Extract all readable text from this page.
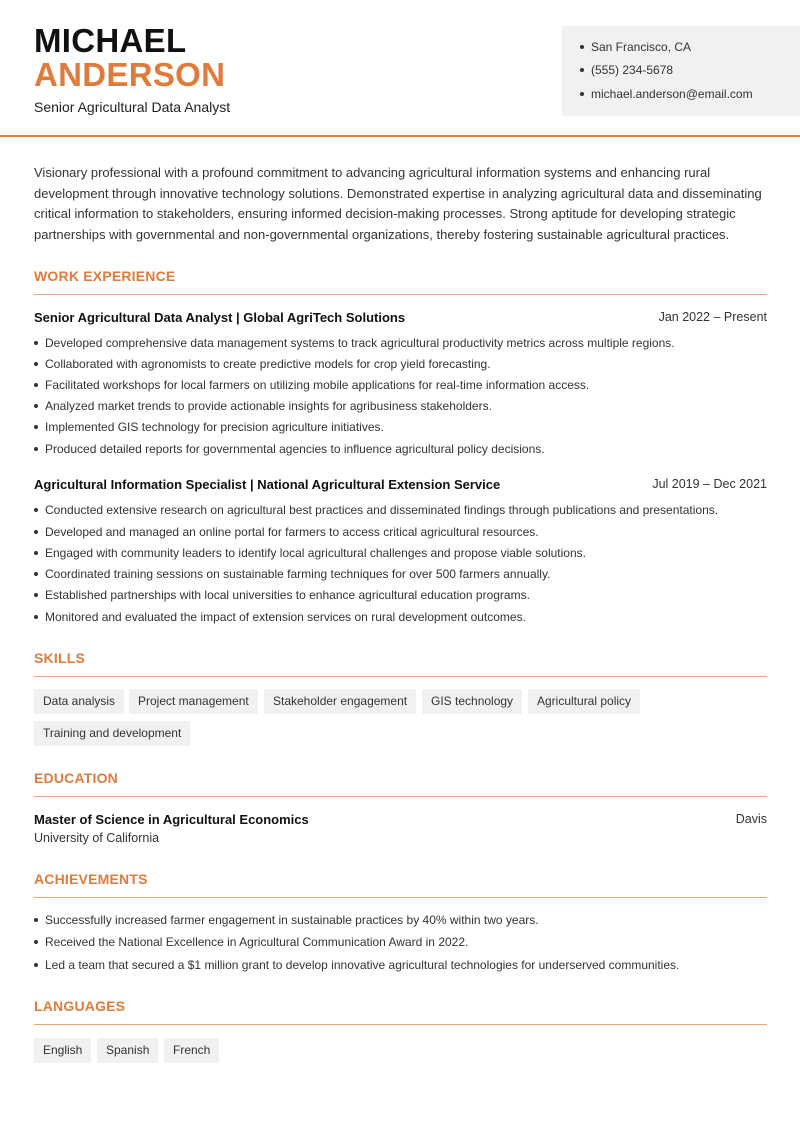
MICHAEL
ANDERSON
Senior Agricultural Data Analyst
San Francisco, CA
(555) 234-5678
michael.anderson@email.com
Visionary professional with a profound commitment to advancing agricultural information systems and enhancing rural development through innovative technology solutions. Demonstrated expertise in analyzing agricultural data and disseminating critical information to stakeholders, ensuring informed decision-making processes. Strong aptitude for developing strategic partnerships with governmental and non-governmental organizations, thereby fostering sustainable agricultural practices.
WORK EXPERIENCE
Senior Agricultural Data Analyst | Global AgriTech Solutions	Jan 2022 – Present
Developed comprehensive data management systems to track agricultural productivity metrics across multiple regions.
Collaborated with agronomists to create predictive models for crop yield forecasting.
Facilitated workshops for local farmers on utilizing mobile applications for real-time information access.
Analyzed market trends to provide actionable insights for agribusiness stakeholders.
Implemented GIS technology for precision agriculture initiatives.
Produced detailed reports for governmental agencies to influence agricultural policy decisions.
Agricultural Information Specialist | National Agricultural Extension Service	Jul 2019 – Dec 2021
Conducted extensive research on agricultural best practices and disseminated findings through publications and presentations.
Developed and managed an online portal for farmers to access critical agricultural resources.
Engaged with community leaders to identify local agricultural challenges and propose viable solutions.
Coordinated training sessions on sustainable farming techniques for over 500 farmers annually.
Established partnerships with local universities to enhance agricultural education programs.
Monitored and evaluated the impact of extension services on rural development outcomes.
SKILLS
Data analysis	Project management	Stakeholder engagement	GIS technology	Agricultural policy
Training and development
EDUCATION
Master of Science in Agricultural Economics	Davis
University of California
ACHIEVEMENTS
Successfully increased farmer engagement in sustainable practices by 40% within two years.
Received the National Excellence in Agricultural Communication Award in 2022.
Led a team that secured a $1 million grant to develop innovative agricultural technologies for underserved communities.
LANGUAGES
English	Spanish	French
